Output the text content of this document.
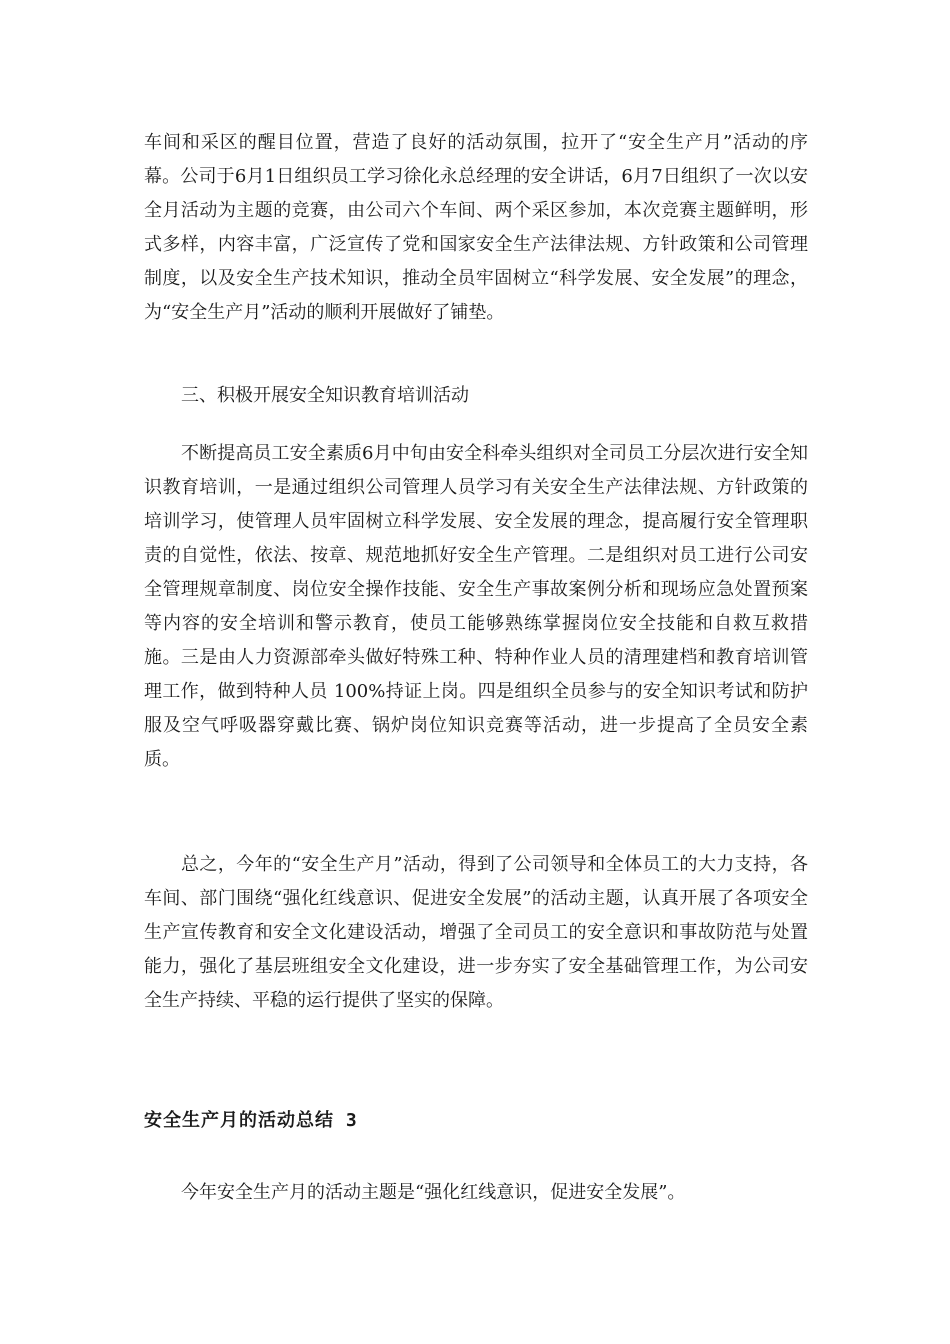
车间和采区的醒目位置，营造了良好的活动氛围，拉开了“安全生产月”活动的序幕。公司于6月1日组织员工学习徐化永总经理的安全讲话，6月7日组织了一次以安全月活动为主题的竞赛，由公司六个车间、两个采区参加，本次竞赛主题鲜明，形式多样，内容丰富，广泛宣传了党和国家安全生产法律法规、方针政策和公司管理制度，以及安全生产技术知识，推动全员牢固树立“科学发展、安全发展”的理念，为“安全生产月”活动的顺利开展做好了铺垫。

三、积极开展安全知识教育培训活动

不断提高员工安全素质6月中旬由安全科牵头组织对全司员工分层次进行安全知识教育培训，一是通过组织公司管理人员学习有关安全生产法律法规、方针政策的培训学习，使管理人员牢固树立科学发展、安全发展的理念，提高履行安全管理职责的自觉性，依法、按章、规范地抓好安全生产管理。二是组织对员工进行公司安全管理规章制度、岗位安全操作技能、安全生产事故案例分析和现场应急处置预案等内容的安全培训和警示教育，使员工能够熟练掌握岗位安全技能和自救互救措施。三是由人力资源部牵头做好特殊工种、特种作业人员的清理建档和教育培训管理工作，做到特种人员 100%持证上岗。四是组织全员参与的安全知识考试和防护服及空气呼吸器穿戴比赛、锅炉岗位知识竞赛等活动，进一步提高了全员安全素质。

总之，今年的“安全生产月”活动，得到了公司领导和全体员工的大力支持，各车间、部门围绕“强化红线意识、促进安全发展”的活动主题，认真开展了各项安全生产宣传教育和安全文化建设活动，增强了全司员工的安全意识和事故防范与处置能力，强化了基层班组安全文化建设，进一步夯实了安全基础管理工作，为公司安全生产持续、平稳的运行提供了坚实的保障。

安全生产月的活动总结 3

今年安全生产月的活动主题是“强化红线意识，促进安全发展”。
